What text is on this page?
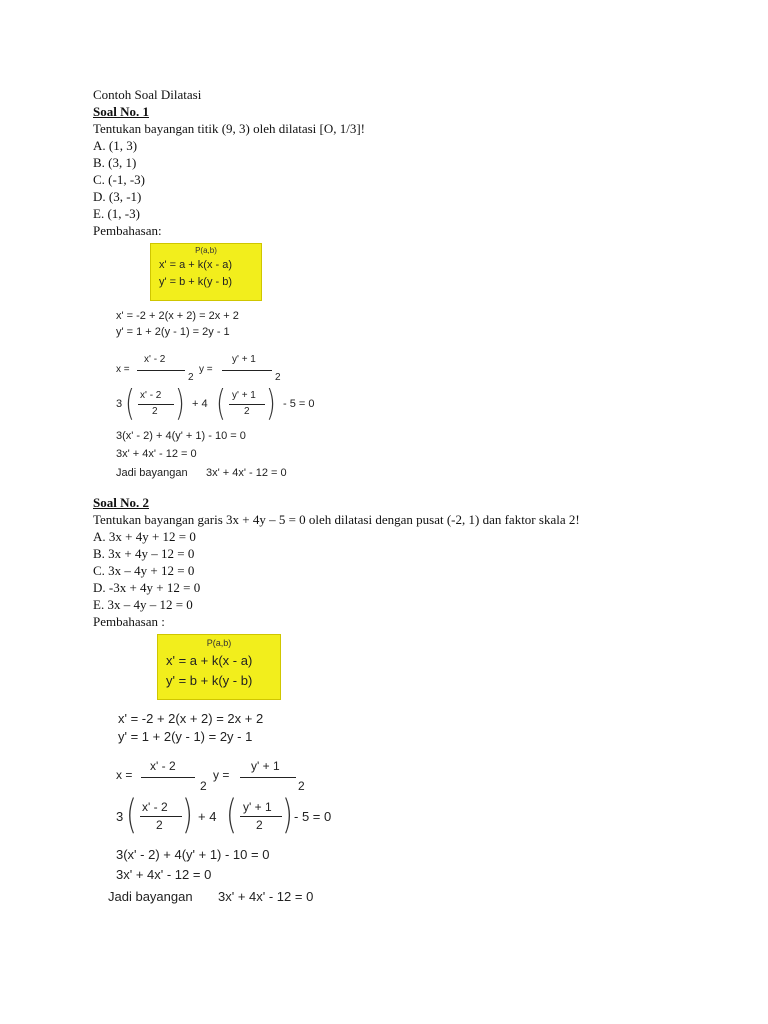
Contoh Soal Dilatasi
Soal No. 1
Tentukan bayangan titik (9, 3) oleh dilatasi [O, 1/3]!
A. (1, 3)
B. (3, 1)
C. (-1, -3)
D. (3, -1)
E. (1, -3)
Pembahasan:
P(a,b)
x' = a + k(x - a)
y' = b + k(y - b)
x' = -2 + 2(x + 2) = 2x + 2
y' = 1 + 2(y - 1) = 2y - 1
x =
x' - 2
2
y =
y' + 1
2
3 ( x' - 2
2 ) + 4 ( y' + 1
2 ) - 5 = 0
3(x' - 2) + 4(y' + 1) - 10 = 0
3x' + 4x' - 12 = 0
Jadi bayangan 3x' + 4x' - 12 = 0
Soal No. 2
Tentukan bayangan garis 3x + 4y – 5 = 0 oleh dilatasi dengan pusat (-2, 1) dan faktor skala 2!
A. 3x + 4y + 12 = 0
B. 3x + 4y – 12 = 0
C. 3x – 4y + 12 = 0
D. -3x + 4y + 12 = 0
E. 3x – 4y – 12 = 0
Pembahasan :
P(a,b)
x' = a + k(x - a)
y' = b + k(y - b)
x' = -2 + 2(x + 2) = 2x + 2
y' = 1 + 2(y - 1) = 2y - 1
x =
x' - 2
2
y =
y' + 1
2
3 ( x' - 2
2 ) + 4 ( y' + 1
2 ) - 5 = 0
3(x' - 2) + 4(y' + 1) - 10 = 0
3x' + 4x' - 12 = 0
Jadi bayangan 3x' + 4x' - 12 = 0
